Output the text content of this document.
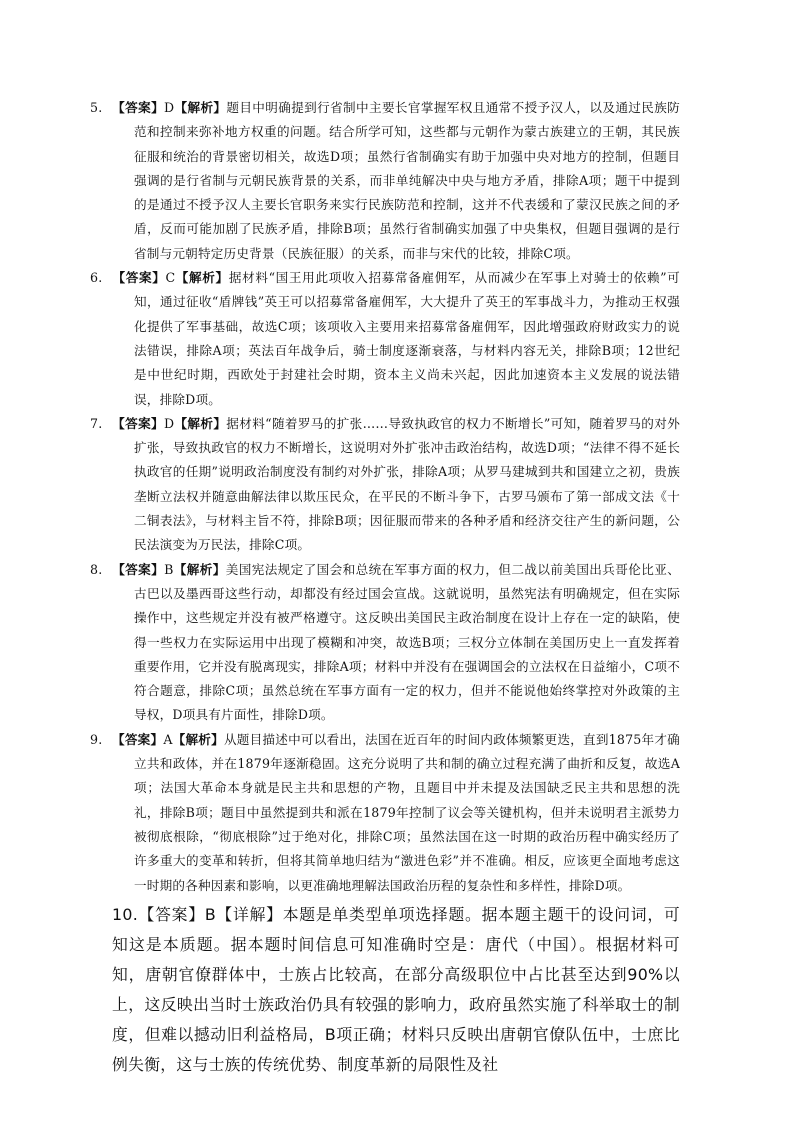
5. 【答案】D【解析】题目中明确提到行省制中主要长官掌握军权且通常不授予汉人，以及通过民族防范和控制来弥补地方权重的问题。结合所学可知，这些都与元朝作为蒙古族建立的王朝，其民族征服和统治的背景密切相关，故选D项；虽然行省制确实有助于加强中央对地方的控制，但题目强调的是行省制与元朝民族背景的关系，而非单纯解决中央与地方矛盾，排除A项；题干中提到的是通过不授予汉人主要长官职务来实行民族防范和控制，这并不代表缓和了蒙汉民族之间的矛盾，反而可能加剧了民族矛盾，排除B项；虽然行省制确实加强了中央集权，但题目强调的是行省制与元朝特定历史背景（民族征服）的关系，而非与宋代的比较，排除C项。

6. 【答案】C【解析】据材料“国王用此项收入招募常备雇佣军，从而减少在军事上对骑士的依赖”可知，通过征收“盾牌钱”英王可以招募常备雇佣军，大大提升了英王的军事战斗力，为推动王权强化提供了军事基础，故选C项；该项收入主要用来招募常备雇佣军，因此增强政府财政实力的说法错误，排除A项；英法百年战争后，骑士制度逐渐衰落，与材料内容无关，排除B项；12世纪是中世纪时期，西欧处于封建社会时期，资本主义尚未兴起，因此加速资本主义发展的说法错误，排除D项。

7. 【答案】D【解析】据材料“随着罗马的扩张……导致执政官的权力不断增长”可知，随着罗马的对外扩张，导致执政官的权力不断增长，这说明对外扩张冲击政治结构，故选D项；“法律不得不延长执政官的任期”说明政治制度没有制约对外扩张，排除A项；从罗马建城到共和国建立之初，贵族垄断立法权并随意曲解法律以欺压民众，在平民的不断斗争下，古罗马颁布了第一部成文法《十二铜表法》，与材料主旨不符，排除B项；因征服而带来的各种矛盾和经济交往产生的新问题，公民法演变为万民法，排除C项。

8. 【答案】B【解析】美国宪法规定了国会和总统在军事方面的权力，但二战以前美国出兵哥伦比亚、古巴以及墨西哥这些行动，却都没有经过国会宣战。这就说明，虽然宪法有明确规定，但在实际操作中，这些规定并没有被严格遵守。这反映出美国民主政治制度在设计上存在一定的缺陷，使得一些权力在实际运用中出现了模糊和冲突，故选B项；三权分立体制在美国历史上一直发挥着重要作用，它并没有脱离现实，排除A项；材料中并没有在强调国会的立法权在日益缩小，C项不符合题意，排除C项；虽然总统在军事方面有一定的权力，但并不能说他始终掌控对外政策的主导权，D项具有片面性，排除D项。

9. 【答案】A【解析】从题目描述中可以看出，法国在近百年的时间内政体频繁更迭，直到1875年才确立共和政体，并在1879年逐渐稳固。这充分说明了共和制的确立过程充满了曲折和反复，故选A项；法国大革命本身就是民主共和思想的产物，且题目中并未提及法国缺乏民主共和思想的洗礼，排除B项；题目中虽然提到共和派在1879年控制了议会等关键机构，但并未说明君主派势力被彻底根除，“彻底根除”过于绝对化，排除C项；虽然法国在这一时期的政治历程中确实经历了许多重大的变革和转折，但将其简单地归结为“激进色彩”并不准确。相反，应该更全面地考虑这一时期的各种因素和影响，以更准确地理解法国政治历程的复杂性和多样性，排除D项。

10.【答案】B【详解】本题是单类型单项选择题。据本题主题干的设问词，可知这是本质题。据本题时间信息可知准确时空是：唐代（中国）。根据材料可知，唐朝官僚群体中，士族占比较高，在部分高级职位中占比甚至达到90%以上，这反映出当时士族政治仍具有较强的影响力，政府虽然实施了科举取士的制度，但难以撼动旧利益格局，B项正确；材料只反映出唐朝官僚队伍中，士庶比例失衡，这与士族的传统优势、制度革新的局限性及社
